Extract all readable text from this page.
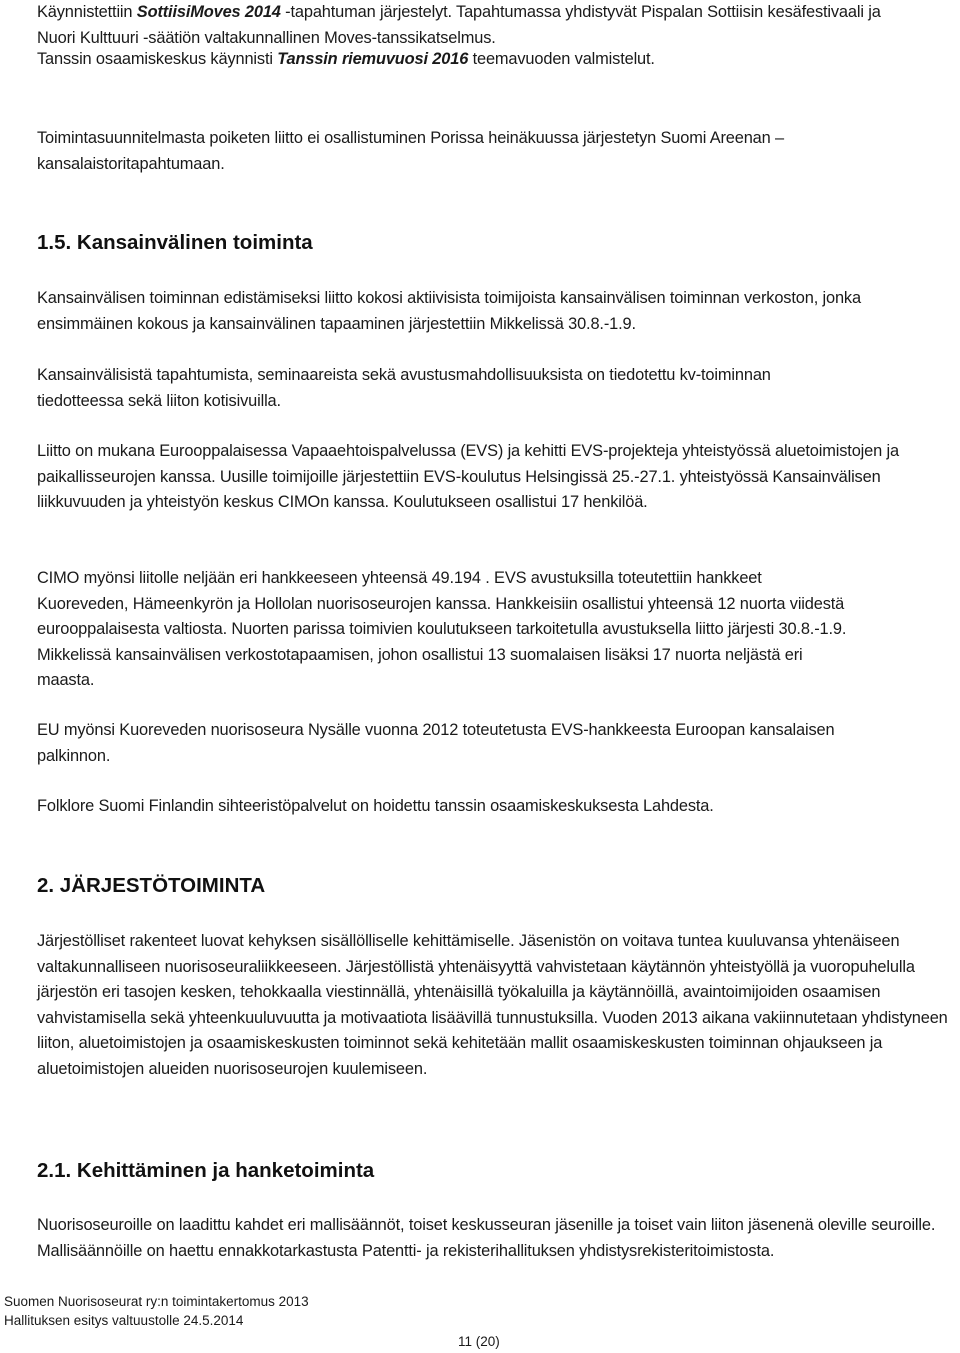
Käynnistettiin SottiisiMoves 2014 -tapahtuman järjestelyt. Tapahtumassa yhdistyvät Pispalan Sottiisin kesäfestivaali ja Nuori Kulttuuri -säätiön valtakunnallinen Moves-tanssikatselmus.

Tanssin osaamiskeskus käynnisti Tanssin riemuvuosi 2016 teemavuoden valmistelut.

Toimintasuunnitelmasta poiketen liitto ei osallistuminen Porissa heinäkuussa järjestetyn Suomi Areenan –kansalaistoritapahtumaan.

1.5. Kansainvälinen toiminta

Kansainvälisen toiminnan edistämiseksi liitto kokosi aktiivisista toimijoista kansainvälisen toiminnan verkoston, jonka ensimmäinen kokous ja kansainvälinen tapaaminen järjestettiin Mikkelissä 30.8.-1.9.

Kansainvälisistä tapahtumista, seminaareista sekä avustusmahdollisuuksista on tiedotettu kv-toiminnan tiedotteessa sekä liiton kotisivuilla.

Liitto on mukana Eurooppalaisessa Vapaaehtoispalvelussa (EVS) ja kehitti EVS-projekteja yhteistyössä aluetoimistojen ja paikallisseurojen kanssa. Uusille toimijoille järjestettiin EVS-koulutus Helsingissä 25.-27.1. yhteistyössä Kansainvälisen liikkuvuuden ja yhteistyön keskus CIMOn kanssa. Koulutukseen osallistui 17 henkilöä.

CIMO myönsi liitolle neljään eri hankkeeseen yhteensä 49.194 . EVS avustuksilla toteutettiin hankkeet Kuoreveden, Hämeenkyrön ja Hollolan nuorisoseurojen kanssa. Hankkeisiin osallistui yhteensä 12 nuorta viidestä eurooppalaisesta valtiosta. Nuorten parissa toimivien koulutukseen tarkoitetulla avustuksella liitto järjesti 30.8.-1.9. Mikkelissä kansainvälisen verkostotapaamisen, johon osallistui 13 suomalaisen lisäksi 17 nuorta neljästä eri maasta.

EU myönsi Kuoreveden nuorisoseura Nysälle vuonna 2012 toteutetusta EVS-hankkeesta Euroopan kansalaisen palkinnon.

Folklore Suomi Finlandin sihteeristöpalvelut on hoidettu tanssin osaamiskeskuksesta Lahdesta.

2. JÄRJESTÖTOIMINTA

Järjestölliset rakenteet luovat kehyksen sisällölliselle kehittämiselle. Jäsenistön on voitava tuntea kuuluvansa yhtenäiseen valtakunnalliseen nuorisoseuraliikkeeseen. Järjestöllistä yhtenäisyyttä vahvistetaan käytännön yhteistyöllä ja vuoropuhelulla järjestön eri tasojen kesken, tehokkaalla viestinnällä, yhtenäisillä työkaluilla ja käytännöillä, avaintoimijoiden osaamisen vahvistamisella sekä yhteenkuuluvuutta ja motivaatiota lisäävillä tunnustuksilla. Vuoden 2013 aikana vakiinnutetaan yhdistyneen liiton, aluetoimistojen ja osaamiskeskusten toiminnot sekä kehitetään mallit osaamiskeskusten toiminnan ohjaukseen ja aluetoimistojen alueiden nuorisoseurojen kuulemiseen.

2.1. Kehittäminen ja hanketoiminta

Nuorisoseuroille on laadittu kahdet eri mallisäännöt, toiset keskusseuran jäsenille ja toiset vain liiton jäsenenä oleville seuroille. Mallisäännöille on haettu ennakkotarkastusta Patentti- ja rekisterihallituksen yhdistysrekisteritoimistosta.

Suomen Nuorisoseurat ry:n toimintakertomus 2013
Hallituksen esitys valtuustolle 24.5.2014
11 (20)
